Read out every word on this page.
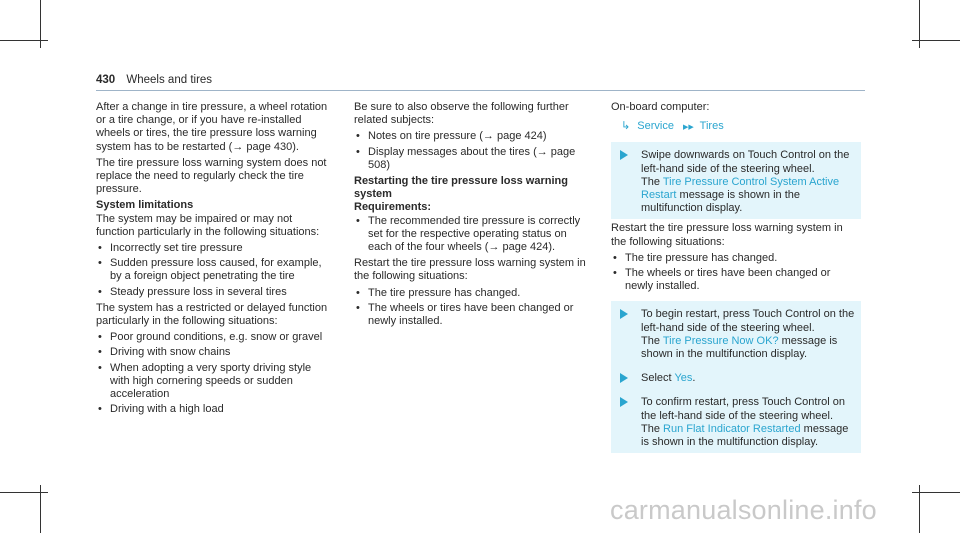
430 Wheels and tires

After a change in tire pressure, a wheel rotation or a tire change, or if you have re-installed wheels or tires, the tire pressure loss warning system has to be restarted (→ page 430).

The tire pressure loss warning system does not replace the need to regularly check the tire pressure.

System limitations

The system may be impaired or may not function particularly in the following situations:

• Incorrectly set tire pressure
• Sudden pressure loss caused, for example, by a foreign object penetrating the tire
• Steady pressure loss in several tires

The system has a restricted or delayed function particularly in the following situations:

• Poor ground conditions, e.g. snow or gravel
• Driving with snow chains
• When adopting a very sporty driving style with high cornering speeds or sudden acceleration
• Driving with a high load

Be sure to also observe the following further related subjects:

• Notes on tire pressure (→ page 424)
• Display messages about the tires (→ page 508)
Restarting the tire pressure loss warning system
Requirements:
• The recommended tire pressure is correctly set for the respective operating status on each of the four wheels (→ page 424).

Restart the tire pressure loss warning system in the following situations:

• The tire pressure has changed.
• The wheels or tires have been changed or newly installed.

On-board computer:

↳ Service ▶▶ Tires
Swipe downwards on Touch Control on the left-hand side of the steering wheel.
The Tire Pressure Control System Active Restart message is shown in the multifunction display.

Restart the tire pressure loss warning system in the following situations:

• The tire pressure has changed.
• The wheels or tires have been changed or newly installed.
To begin restart, press Touch Control on the left-hand side of the steering wheel.
The Tire Pressure Now OK? message is shown in the multifunction display.
Select Yes.
To confirm restart, press Touch Control on the left-hand side of the steering wheel.
The Run Flat Indicator Restarted message is shown in the multifunction display.
carmanualsonline.info
